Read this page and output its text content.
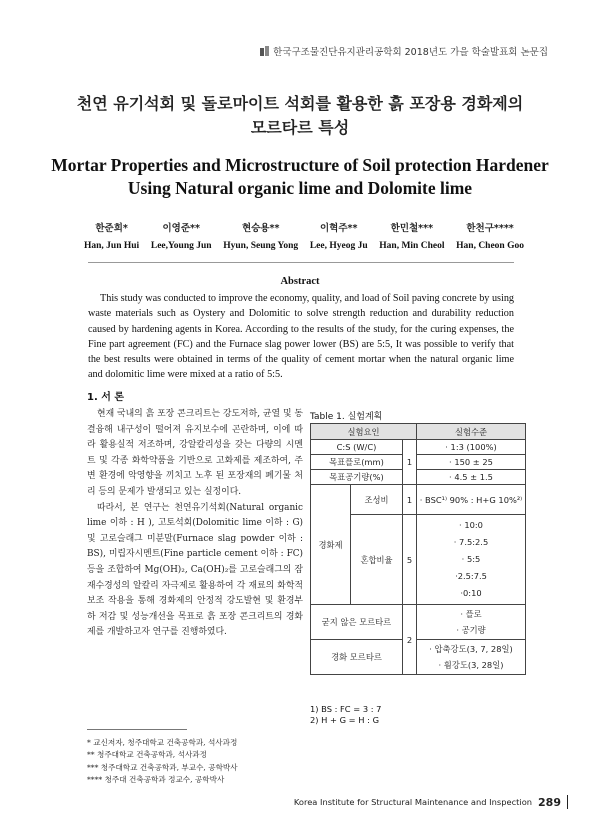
한국구조물진단유지관리공학회 2018년도 가을 학술발표회 논문집
천연 유기석회 및 돌로마이트 석회를 활용한 흙 포장용 경화제의
모르타르 특성
Mortar Properties and Microstructure of Soil protection Hardener
Using Natural organic lime and Dolomite lime
한준희*
Han, Jun Hui
이영준**
Lee,Young Jun
현승용**
Hyun, Seung Yong
이혁주**
Lee, Hyeog Ju
한민철***
Han, Min Cheol
한천구****
Han, Cheon Goo
Abstract
This study was conducted to improve the economy, quality, and load of Soil paving concrete by using waste materials such as Oystery and Dolomitic to solve strength reduction and durability reduction caused by hardening agents in Korea. According to the results of the study, for the curing expenses, the Fine part agreement (FC) and the Furnace slag power lower (BS) are 5:5, It was possible to verify that the best results were obtained in terms of the quality of cement mortar when the natural organic lime and dolomitic lime were mixed at a ratio of 5:5.
1. 서 론

현재 국내의 흙 포장 콘크리트는 강도저하, 균열 및 동결융해 내구성이 떨어져 유지보수에 곤란하며, 이에 따라 활용실적 저조하며, 강알칼리성을 갖는 다량의 시멘트 및 각종 화학약품을 기반으로 고화제를 제조하여, 주변 환경에 악영향을 끼치고 노후 된 포장재의 폐기물 처리 등의 문제가 발생되고 있는 실정이다.

따라서, 본 연구는 천연유기석회(Natural organic lime 이하 : H ), 고토석회(Dolomitic lime 이하 : G) 및 고로슬래그 미분말(Furnace slag powder 이하 : BS), 미립자시멘트(Fine particle cement 이하 : FC) 등을 조합하여 Mg(OH)₂, Ca(OH)₂를 고로슬래그의 잠재수경성의 알칼리 자극제로 활용하여 각 재료의 화학적 보조 작용을 통해 경화제의 안정적 강도발현 및 환경부하 저감 및 성능개선을 목표로 흙 포장 콘크리트의 경화제를 개발하고자 연구를 진행하였다.

Table 1. 실험계획
실험요인			실험수준
C:S (W/C)		1	· 1:3 (100%)
목표플로(mm)			· 150 ± 25
목표공기량(%)			· 4.5 ± 1.5
경화제	조성비	1	· BSC¹⁾ 90% : H+G 10%²⁾
	혼합비율	5	· 10:0
· 7.5:2.5
· 5:5
·2.5:7.5
·0:10

굳지 않은 모르타르		2	· 플로
· 공기량

경화 모르타르			· 압축강도(3, 7, 28일)
· 휨강도(3, 28일)
1) BS : FC = 3 : 7
2) H + G = H : G
* 교신저자, 청주대학교 건축공학과, 석사과정
** 청주대학교 건축공학과, 석사과정
*** 청주대학교 건축공학과, 부교수, 공학박사
**** 청주대 건축공학과 정교수, 공학박사
Korea Institute for Structural Maintenance and Inspection 289
